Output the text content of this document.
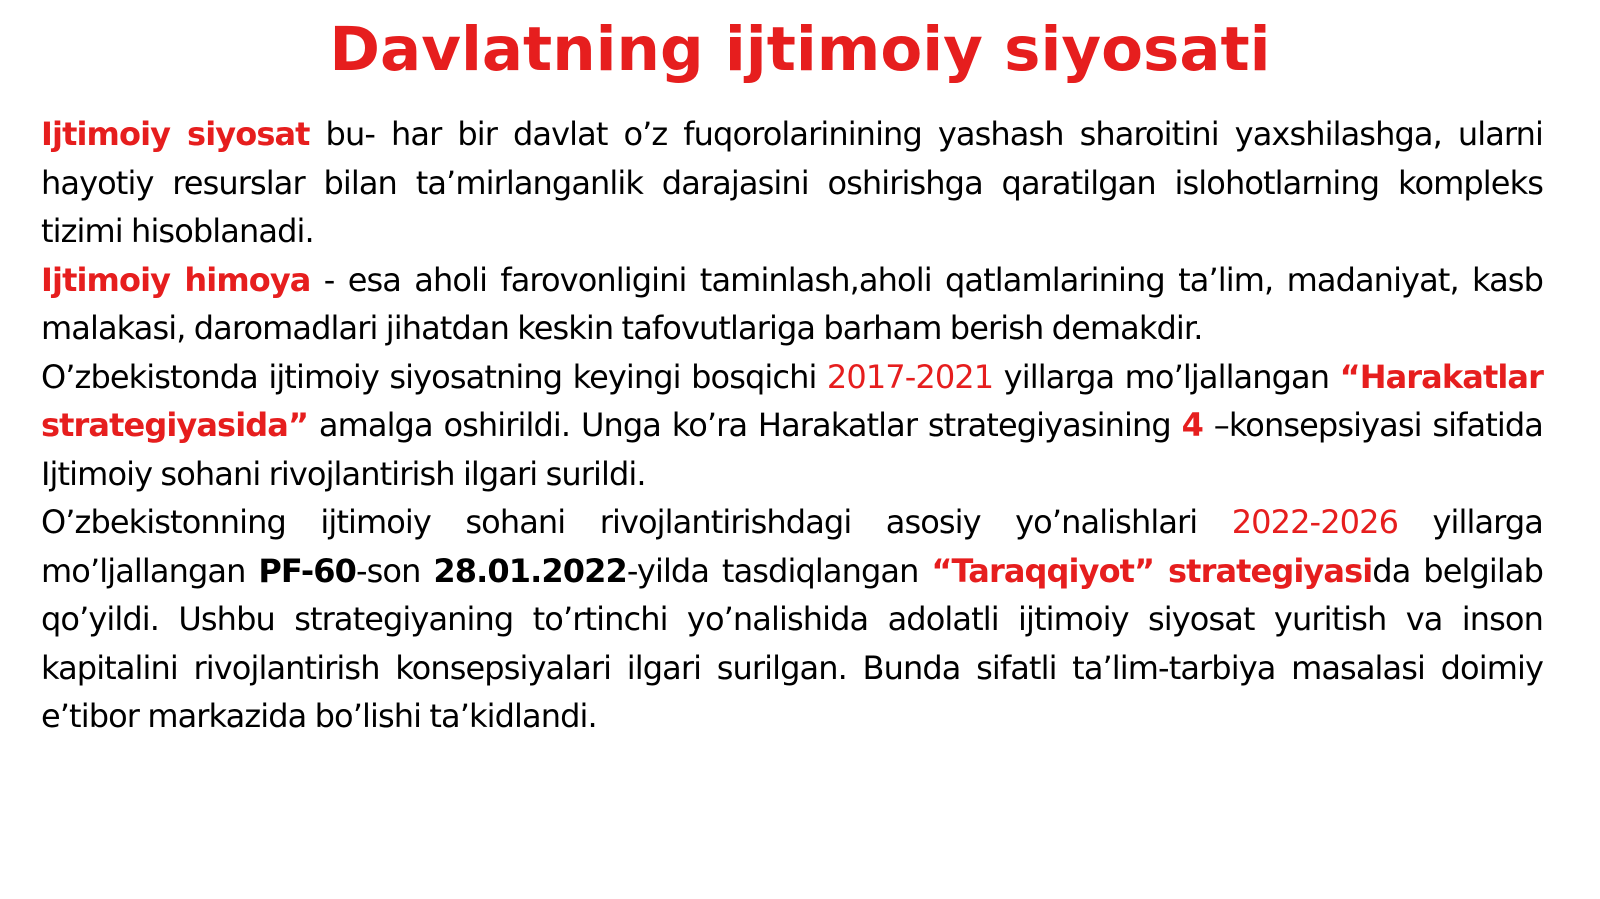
Davlatning ijtimoiy siyosati

Ijtimoiy siyosat bu- har bir davlat o’z fuqorolarinining yashash sharoitini yaxshilashga, ularni hayotiy resurslar bilan ta’mirlanganlik darajasini oshirishga qaratilgan islohotlarning kompleks tizimi hisoblanadi.

Ijtimoiy himoya - esa aholi farovonligini taminlash,aholi qatlamlarining ta’lim, madaniyat, kasb malakasi, daromadlari jihatdan keskin tafovutlariga barham berish demakdir.

O’zbekistonda ijtimoiy siyosatning keyingi bosqichi 2017-2021 yillarga mo’ljallangan “Harakatlar strategiyasida” amalga oshirildi. Unga ko’ra Harakatlar strategiyasining 4 –konsepsiyasi sifatida Ijtimoiy sohani rivojlantirish ilgari surildi.

O’zbekistonning ijtimoiy sohani rivojlantirishdagi asosiy yo’nalishlari 2022-2026 yillarga mo’ljallangan PF-60-son 28.01.2022-yilda tasdiqlangan “Taraqqiyot” strategiyasida belgilab qo’yildi. Ushbu strategiyaning to’rtinchi yo’nalishida adolatli ijtimoiy siyosat yuritish va inson kapitalini rivojlantirish konsepsiyalari ilgari surilgan. Bunda sifatli ta’lim-tarbiya masalasi doimiy e’tibor markazida bo’lishi ta’kidlandi.
